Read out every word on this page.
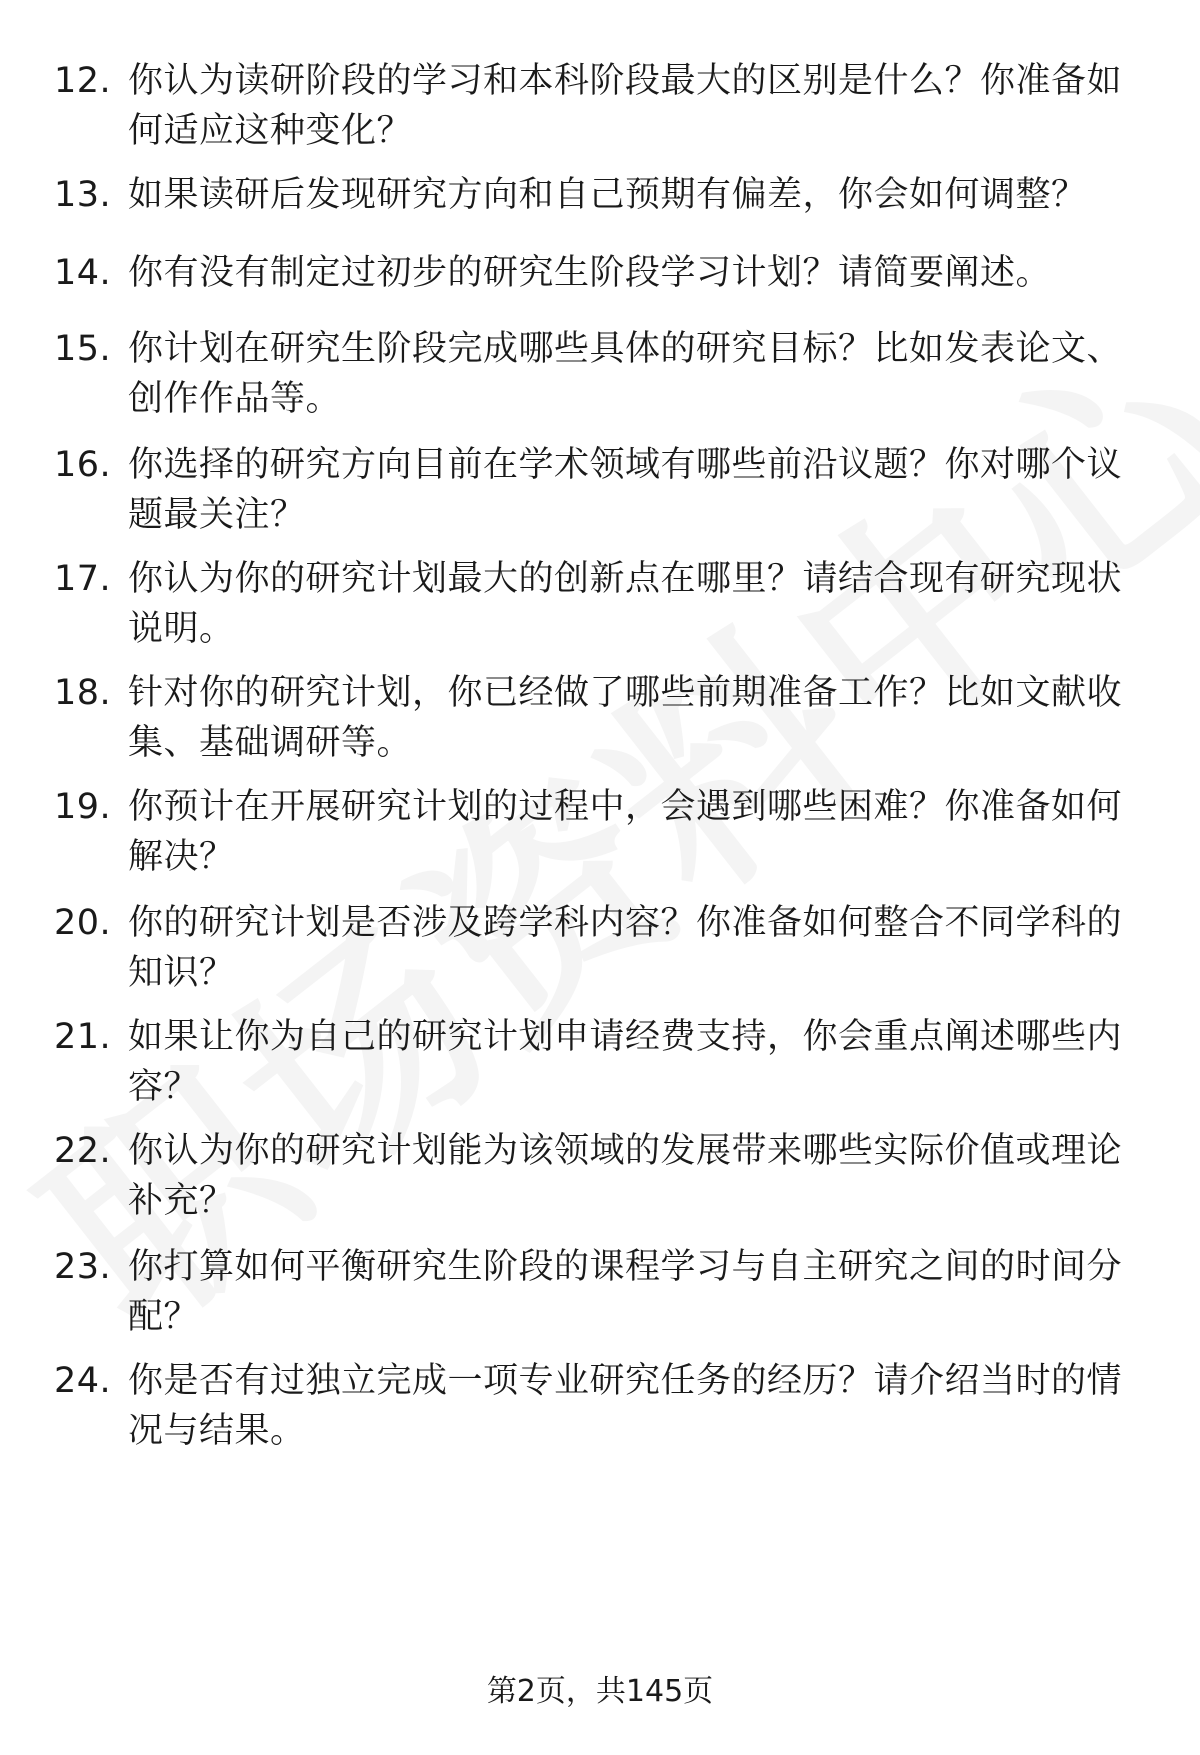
12. 你认为读研阶段的学习和本科阶段最大的区别是什么？你准备如何适应这种变化？
13. 如果读研后发现研究方向和自己预期有偏差，你会如何调整？
14. 你有没有制定过初步的研究生阶段学习计划？请简要阐述。
15. 你计划在研究生阶段完成哪些具体的研究目标？比如发表论文、创作作品等。
16. 你选择的研究方向目前在学术领域有哪些前沿议题？你对哪个议题最关注？
17. 你认为你的研究计划最大的创新点在哪里？请结合现有研究现状说明。
18. 针对你的研究计划，你已经做了哪些前期准备工作？比如文献收集、基础调研等。
19. 你预计在开展研究计划的过程中，会遇到哪些困难？你准备如何解决？
20. 你的研究计划是否涉及跨学科内容？你准备如何整合不同学科的知识？
21. 如果让你为自己的研究计划申请经费支持，你会重点阐述哪些内容？
22. 你认为你的研究计划能为该领域的发展带来哪些实际价值或理论补充？
23. 你打算如何平衡研究生阶段的课程学习与自主研究之间的时间分配？
24. 你是否有过独立完成一项专业研究任务的经历？请介绍当时的情况与结果。
第2页，共145页
